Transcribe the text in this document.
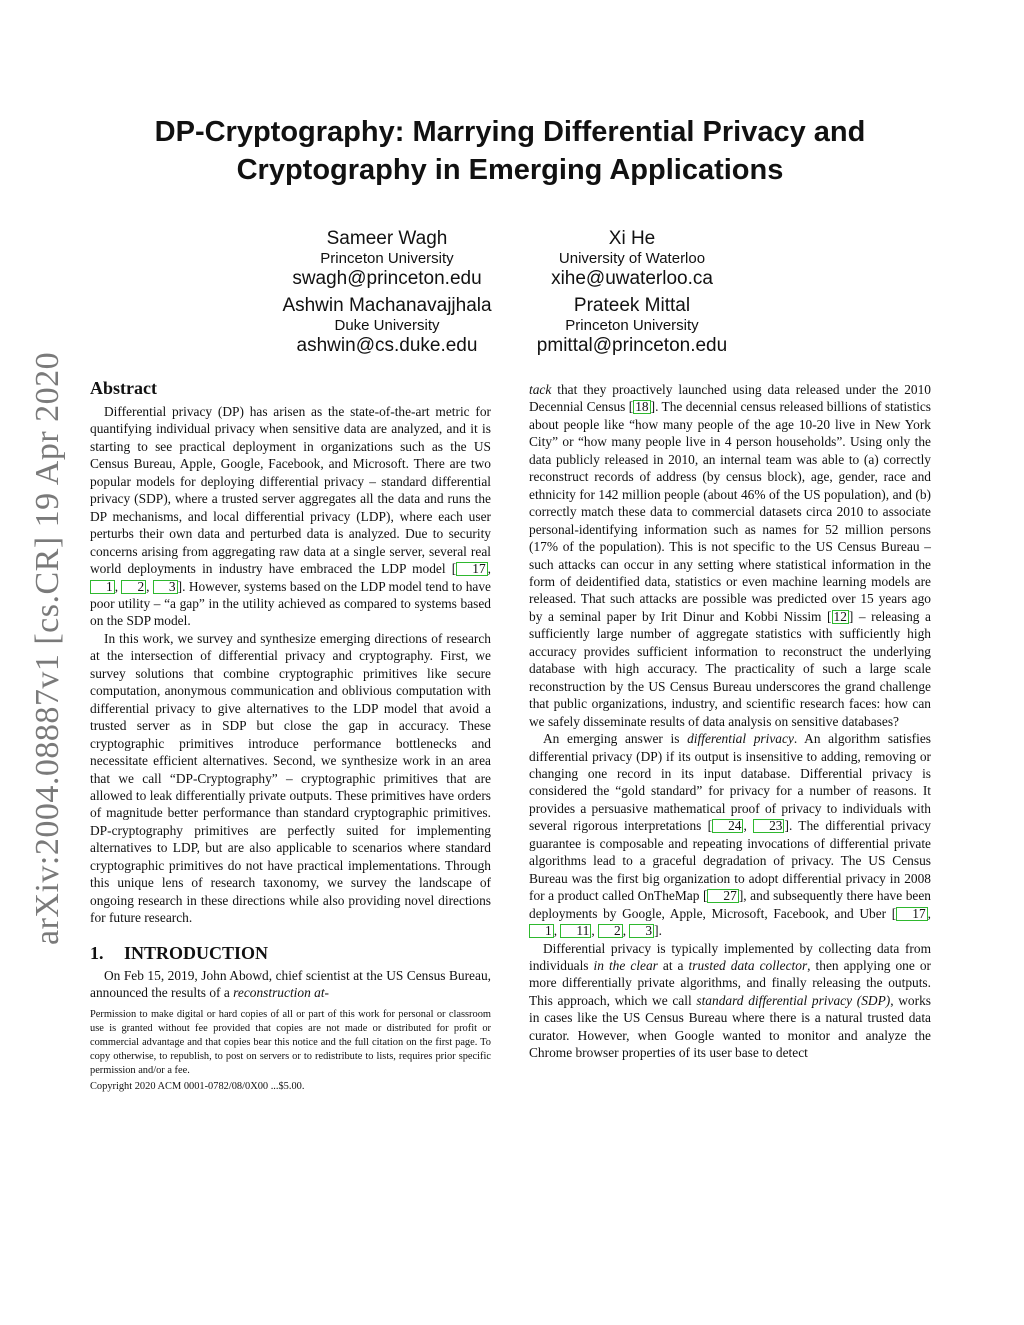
arXiv:2004.08887v1 [cs.CR] 19 Apr 2020
DP-Cryptography: Marrying Differential Privacy and
Cryptography in Emerging Applications
Sameer Wagh
Princeton University
swagh@princeton.edu
Xi He
University of Waterloo
xihe@uwaterloo.ca
Ashwin Machanavajjhala
Duke University
ashwin@cs.duke.edu
Prateek Mittal
Princeton University
pmittal@princeton.edu
Abstract

Differential privacy (DP) has arisen as the state-of-the-art metric for quantifying individual privacy when sensitive data are analyzed, and it is starting to see practical deployment in organizations such as the US Census Bureau, Apple, Google, Facebook, and Microsoft. There are two popular models for deploying differential privacy – standard differential privacy (SDP), where a trusted server aggregates all the data and runs the DP mechanisms, and local differential privacy (LDP), where each user perturbs their own data and perturbed data is analyzed. Due to security concerns arising from aggregating raw data at a single server, several real world deployments in industry have embraced the LDP model [ 17 , 1 , 2 , 3 ]. However, systems based on the LDP model tend to have poor utility – “a gap” in the utility achieved as compared to systems based on the SDP model.

In this work, we survey and synthesize emerging directions of research at the intersection of differential privacy and cryptography. First, we survey solutions that combine cryptographic primitives like secure computation, anonymous communication and oblivious computation with differential privacy to give alternatives to the LDP model that avoid a trusted server as in SDP but close the gap in accuracy. These cryptographic primitives introduce performance bottlenecks and necessitate efficient alternatives. Second, we synthesize work in an area that we call “DP-Cryptography” – cryptographic primitives that are allowed to leak differentially private outputs. These primitives have orders of magnitude better performance than standard cryptographic primitives. DP-cryptography primitives are perfectly suited for implementing alternatives to LDP, but are also applicable to scenarios where standard cryptographic primitives do not have practical implementations. Through this unique lens of research taxonomy, we survey the landscape of ongoing research in these directions while also providing novel directions for future research.

1. INTRODUCTION

On Feb 15, 2019, John Abowd, chief scientist at the US Census Bureau, announced the results of a reconstruction at-

Permission to make digital or hard copies of all or part of this work for personal or classroom use is granted without fee provided that copies are not made or distributed for profit or commercial advantage and that copies bear this notice and the full citation on the first page. To copy otherwise, to republish, to post on servers or to redistribute to lists, requires prior specific permission and/or a fee.
Copyright 2020 ACM 0001-0782/08/0X00 ...$5.00.

tack that they proactively launched using data released under the 2010 Decennial Census [ 18 ]. The decennial census released billions of statistics about people like “how many people of the age 10-20 live in New York City” or “how many people live in 4 person households”. Using only the data publicly released in 2010, an internal team was able to (a) correctly reconstruct records of address (by census block), age, gender, race and ethnicity for 142 million people (about 46% of the US population), and (b) correctly match these data to commercial datasets circa 2010 to associate personal-identifying information such as names for 52 million persons (17% of the population). This is not specific to the US Census Bureau – such attacks can occur in any setting where statistical information in the form of deidentified data, statistics or even machine learning models are released. That such attacks are possible was predicted over 15 years ago by a seminal paper by Irit Dinur and Kobbi Nissim [ 12 ] – releasing a sufficiently large number of aggregate statistics with sufficiently high accuracy provides sufficient information to reconstruct the underlying database with high accuracy. The practicality of such a large scale reconstruction by the US Census Bureau underscores the grand challenge that public organizations, industry, and scientific research faces: how can we safely disseminate results of data analysis on sensitive databases?

An emerging answer is differential privacy. An algorithm satisfies differential privacy (DP) if its output is insensitive to adding, removing or changing one record in its input database. Differential privacy is considered the “gold standard” for privacy for a number of reasons. It provides a persuasive mathematical proof of privacy to individuals with several rigorous interpretations [ 24 , 23 ]. The differential privacy guarantee is composable and repeating invocations of differential private algorithms lead to a graceful degradation of privacy. The US Census Bureau was the first big organization to adopt differential privacy in 2008 for a product called OnTheMap [ 27 ], and subsequently there have been deployments by Google, Apple, Microsoft, Facebook, and Uber [ 17 , 1 , 11 , 2 , 3 ].

Differential privacy is typically implemented by collecting data from individuals in the clear at a trusted data collector, then applying one or more differentially private algorithms, and finally releasing the outputs. This approach, which we call standard differential privacy (SDP), works in cases like the US Census Bureau where there is a natural trusted data curator. However, when Google wanted to monitor and analyze the Chrome browser properties of its user base to detect
